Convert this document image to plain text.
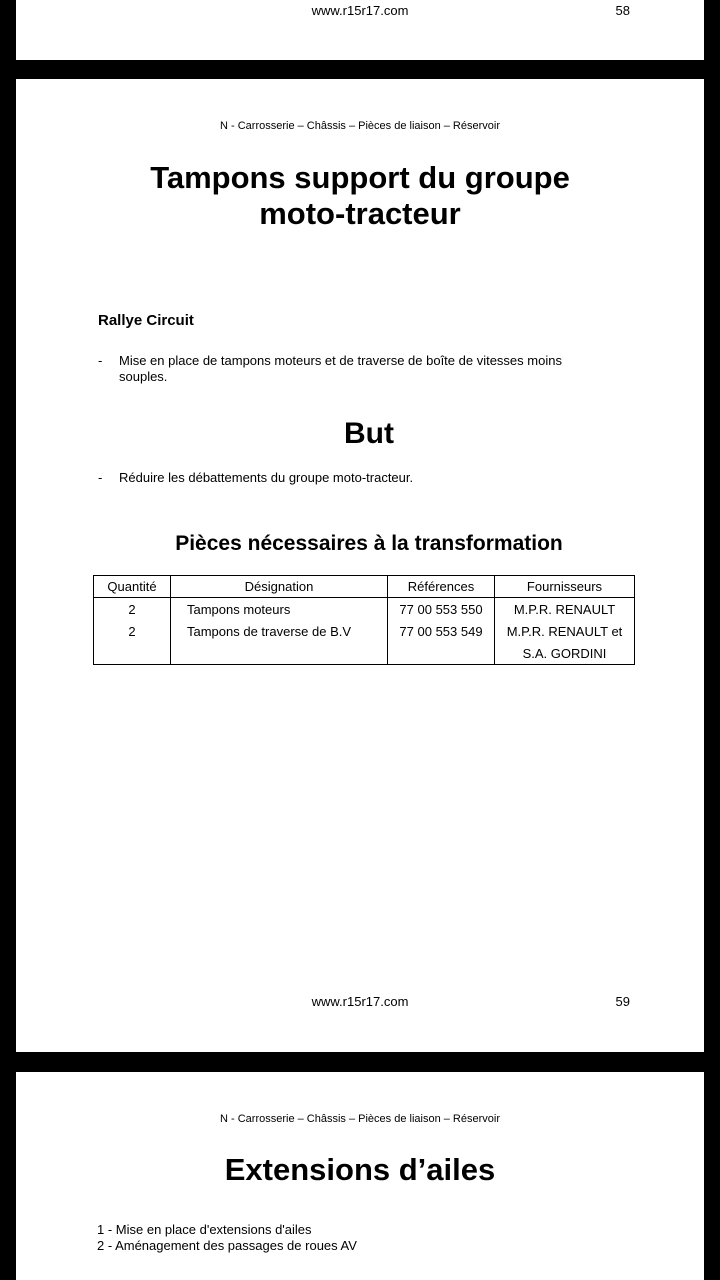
www.r15r17.com	58
N - Carrosserie – Châssis – Pièces de liaison – Réservoir
Tampons support du groupe
moto-tracteur
Rallye Circuit
- Mise en place de tampons moteurs et de traverse de boîte de vitesses moins
souples.
But
- Réduire les débattements du groupe moto-tracteur.
Pièces nécessaires à la transformation
Quantité	Désignation	Références	Fournisseurs
2	Tampons moteurs	77 00 553 550	M.P.R. RENAULT
2	Tampons de traverse de B.V	77 00 553 549	M.P.R. RENAULT et
			S.A. GORDINI
www.r15r17.com	59
N - Carrosserie – Châssis – Pièces de liaison – Réservoir
Extensions d’ailes
1 - Mise en place d'extensions d'ailes
2 - Aménagement des passages de roues AV
